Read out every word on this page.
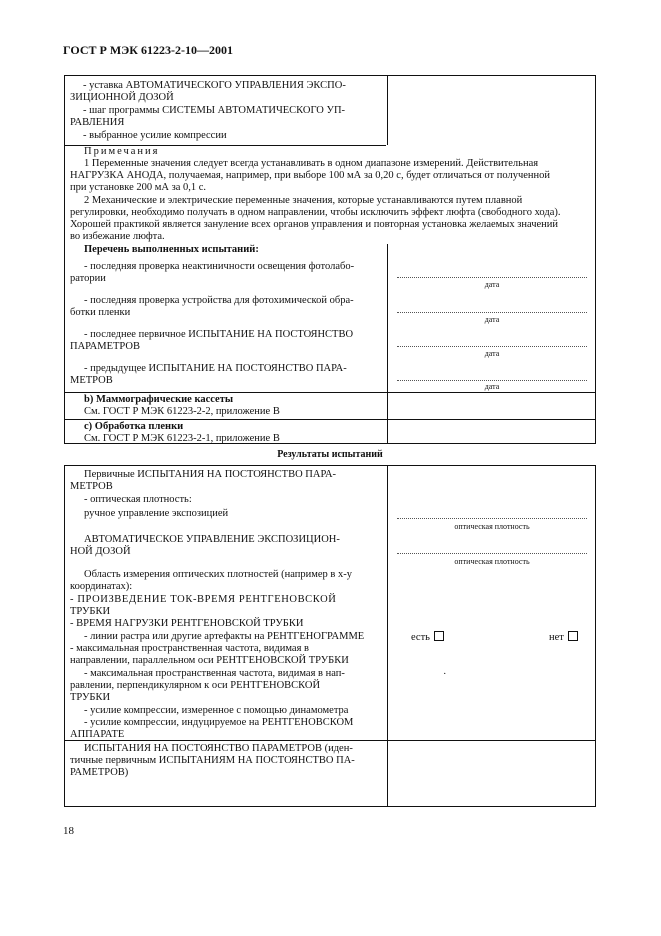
ГОСТ Р МЭК 61223-2-10—2001
- уставка АВТОМАТИЧЕСКОГО УПРАВЛЕНИЯ ЭКСПО-
ЗИЦИОННОЙ ДОЗОЙ
- шаг программы СИСТЕМЫ АВТОМАТИЧЕСКОГО УП-
РАВЛЕНИЯ
- выбранное усилие компрессии
Примечания
1 Переменные значения следует всегда устанавливать в одном диапазоне измерений. Действительная
НАГРУЗКА АНОДА, получаемая, например, при выборе 100 мА за 0,20 с, будет отличаться от полученной
при установке 200 мА за 0,1 с.
2 Механические и электрические переменные значения, которые устанавливаются путем плавной
регулировки, необходимо получать в одном направлении, чтобы исключить эффект люфта (свободного хода).
Хорошей практикой является зануление всех органов управления и повторная установка желаемых значений
во избежание люфта.
Перечень выполненных испытаний:
- последняя проверка неактиничности освещения фотолабо-
ратории
дата
- последняя проверка устройства для фотохимической обра-
ботки пленки
дата
- последнее первичное ИСПЫТАНИЕ НА ПОСТОЯНСТВО
ПАРАМЕТРОВ
дата
- предыдущее ИСПЫТАНИЕ НА ПОСТОЯНСТВО ПАРА-
МЕТРОВ
дата
b) Маммографические кассеты
См. ГОСТ Р МЭК 61223-2-2, приложение В
с) Обработка пленки
См. ГОСТ Р МЭК 61223-2-1, приложение В
Результаты испытаний
Первичные ИСПЫТАНИЯ НА ПОСТОЯНСТВО ПАРА-
МЕТРОВ
- оптическая плотность:
ручное управление экспозицией
АВТОМАТИЧЕСКОЕ УПРАВЛЕНИЕ ЭКСПОЗИЦИОН-
НОЙ ДОЗОЙ
Область измерения оптических плотностей (например в x-y
координатах):
- ПРОИЗВЕДЕНИЕ ТОК-ВРЕМЯ РЕНТГЕНОВСКОЙ
ТРУБКИ
- ВРЕМЯ НАГРУЗКИ РЕНТГЕНОВСКОЙ ТРУБКИ
- линии растра или другие артефакты на РЕНТГЕНОГРАММЕ
- максимальная пространственная частота, видимая в
направлении, параллельном оси РЕНТГЕНОВСКОЙ ТРУБКИ
- максимальная пространственная частота, видимая в нап-
равлении, перпендикулярном к оси РЕНТГЕНОВСКОЙ
ТРУБКИ
- усилие компрессии, измеренное с помощью динамометра
- усилие компрессии, индуцируемое на РЕНТГЕНОВСКОМ
АППАРАТЕ
оптическая плотность
оптическая плотность
есть	нет
·
ИСПЫТАНИЯ НА ПОСТОЯНСТВО ПАРАМЕТРОВ (иден-
тичные первичным ИСПЫТАНИЯМ НА ПОСТОЯНСТВО ПА-
РАМЕТРОВ)
18
